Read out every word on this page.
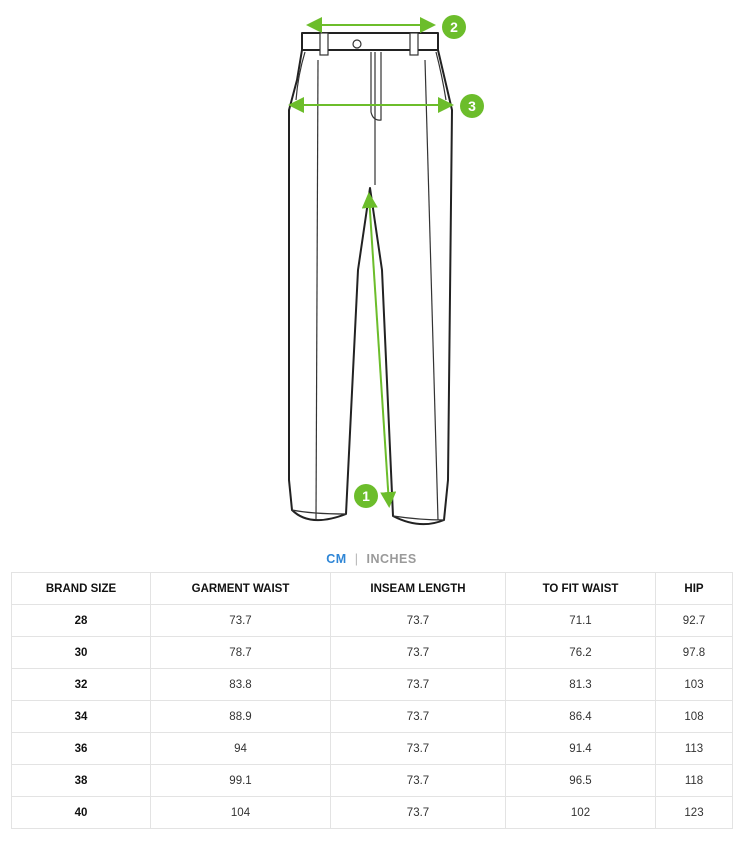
1
2
3
CM | INCHES
BRAND SIZE	GARMENT WAIST	INSEAM LENGTH	TO FIT WAIST	HIP
28	73.7	73.7	71.1	92.7
30	78.7	73.7	76.2	97.8
32	83.8	73.7	81.3	103
34	88.9	73.7	86.4	108
36	94	73.7	91.4	113
38	99.1	73.7	96.5	118
40	104	73.7	102	123
